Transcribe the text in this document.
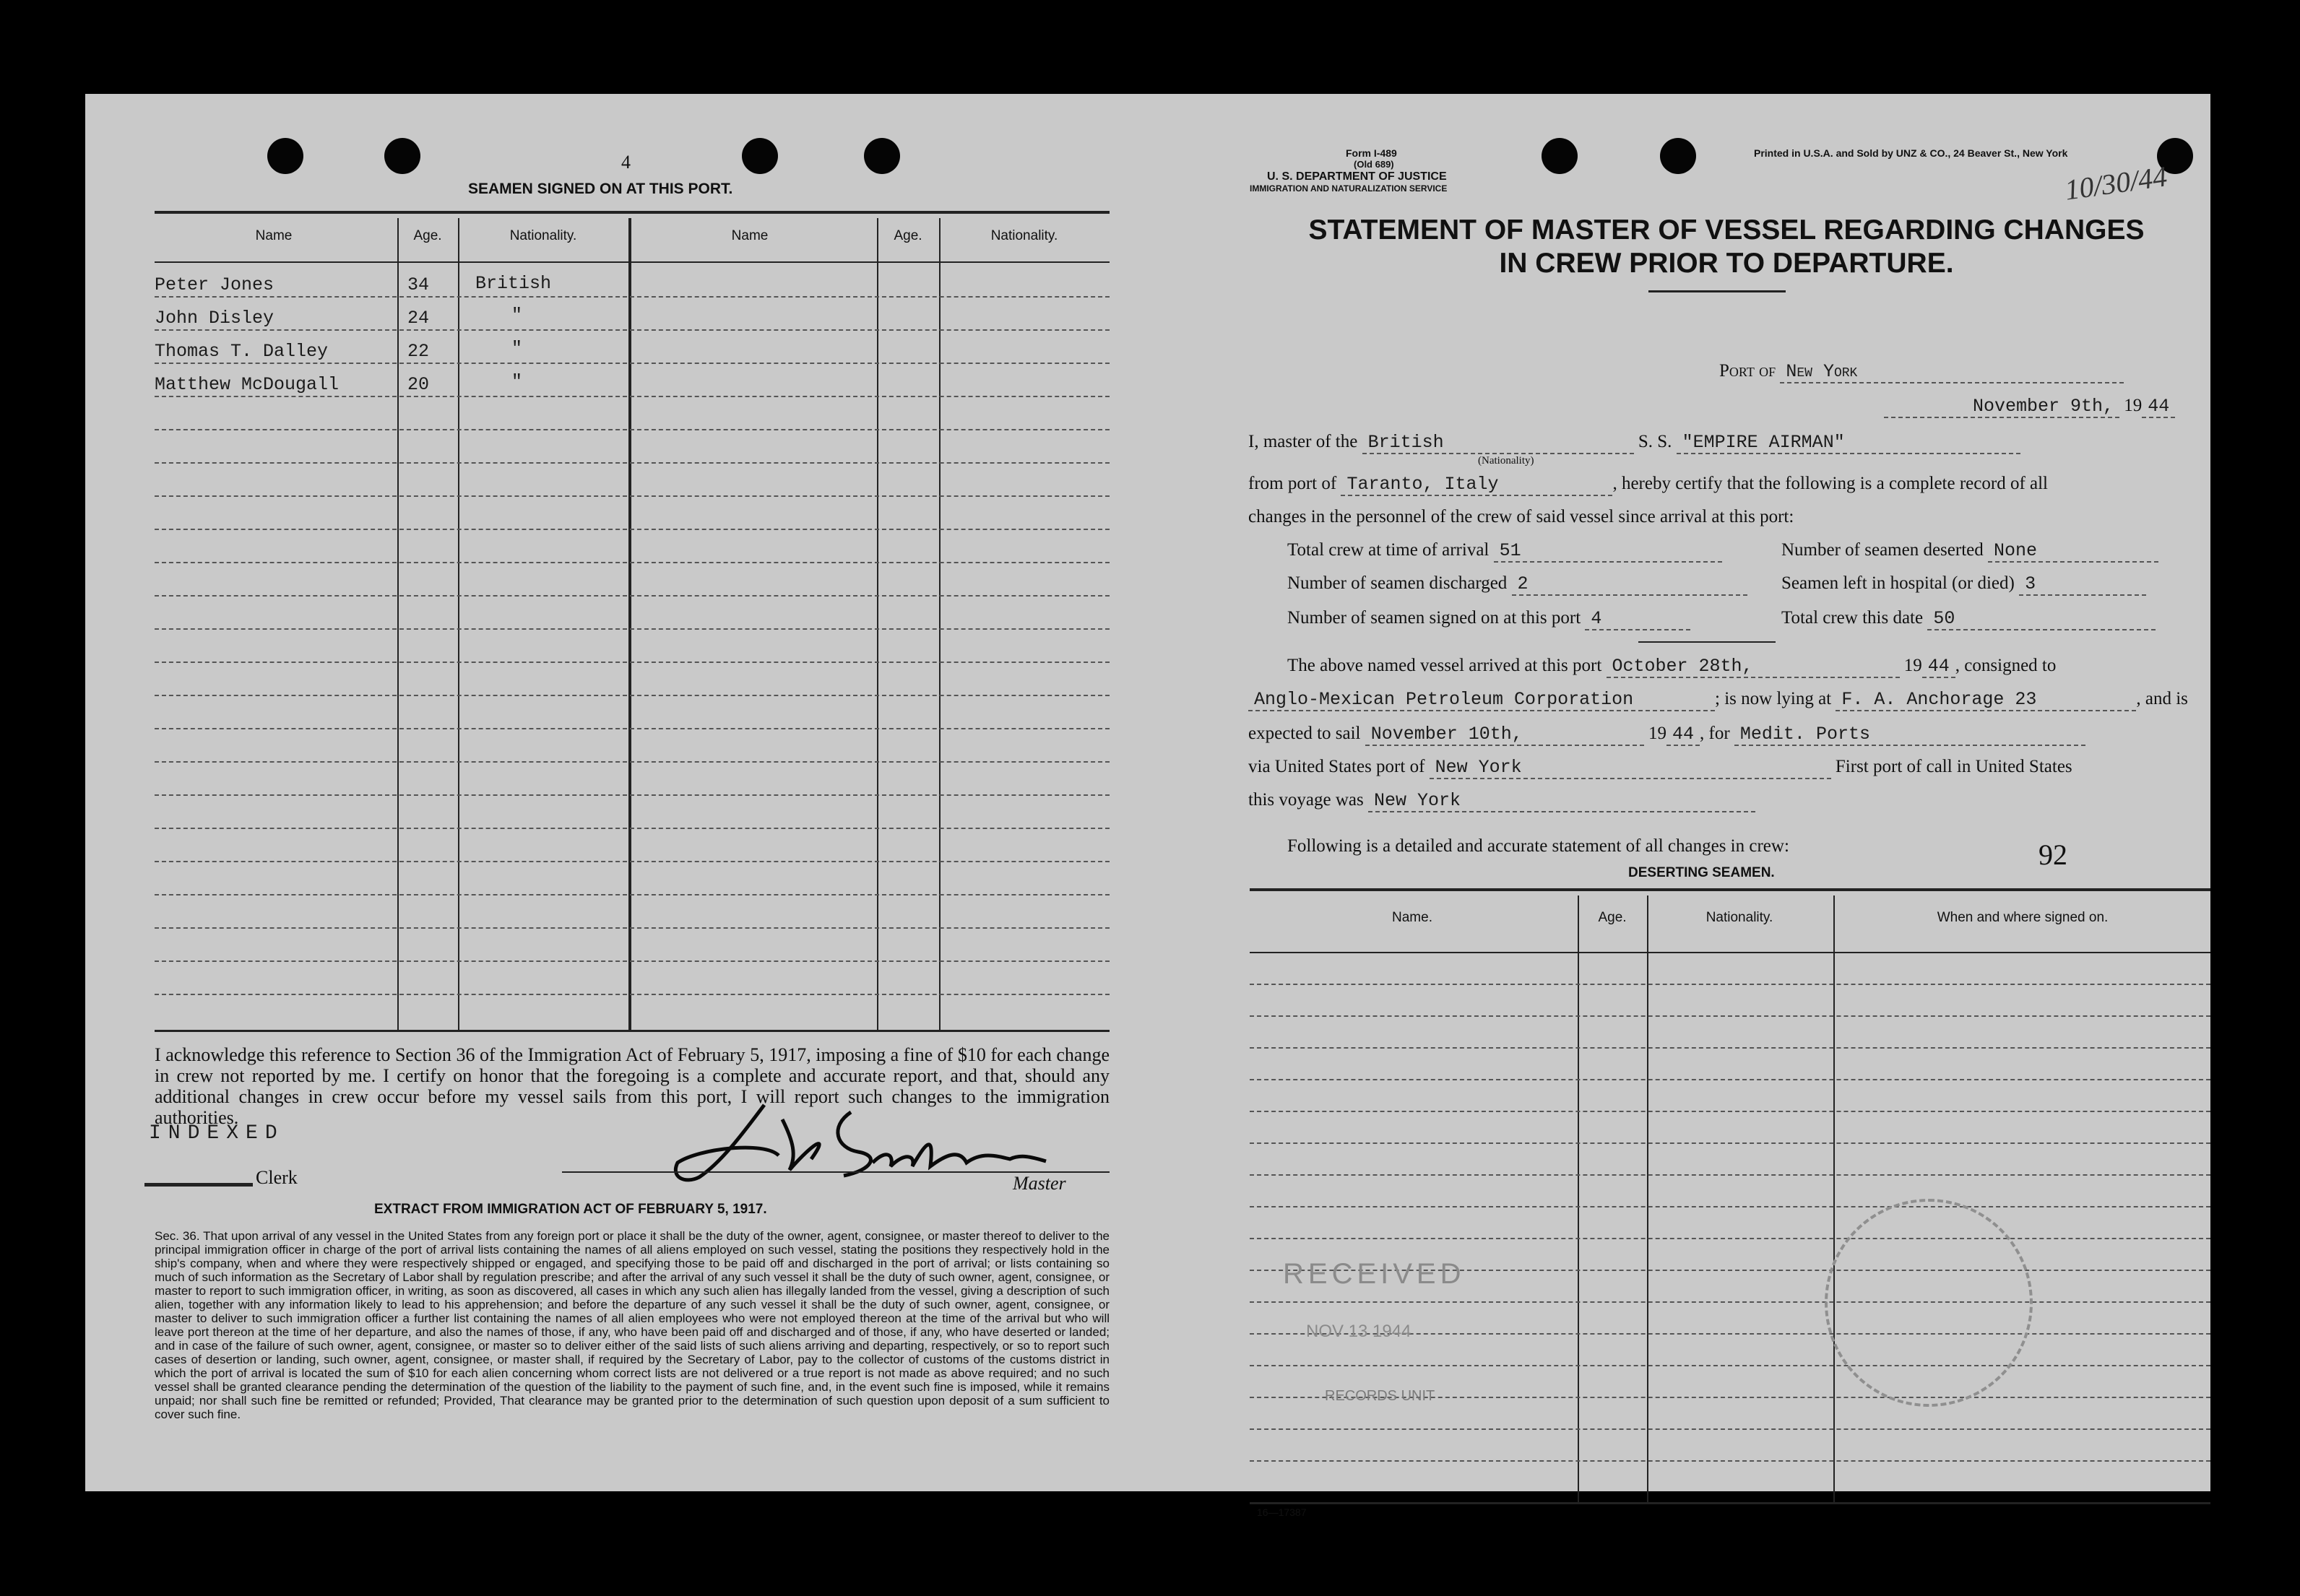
4
SEAMEN SIGNED ON AT THIS PORT.
Name	Age.	Nationality.	Name	Age.	Nationality.
Peter Jones	34	British
John Disley	24	"
Thomas T. Dalley	22	"
Matthew McDougall	20	"
I acknowledge this reference to Section 36 of the Immigration Act of February 5, 1917, imposing a fine of $10 for each change in crew not reported by me. I certify on honor that the foregoing is a complete and accurate report, and that, should any additional changes in crew occur before my vessel sails from this port, I will report such changes to the immigration authorities.
INDEXED
Clerk	Master
EXTRACT FROM IMMIGRATION ACT OF FEBRUARY 5, 1917.
Sec. 36. That upon arrival of any vessel in the United States from any foreign port or place it shall be the duty of the owner, agent, consignee, or master thereof to deliver to the principal immigration officer in charge of the port of arrival lists containing the names of all aliens employed on such vessel, stating the positions they respectively hold in the ship's company, when and where they were respectively shipped or engaged, and specifying those to be paid off and discharged in the port of arrival; or lists containing so much of such information as the Secretary of Labor shall by regulation prescribe; and after the arrival of any such vessel it shall be the duty of such owner, agent, consignee, or master to report to such immigration officer, in writing, as soon as discovered, all cases in which any such alien has illegally landed from the vessel, giving a description of such alien, together with any information likely to lead to his apprehension; and before the departure of any such vessel it shall be the duty of such owner, agent, consignee, or master to deliver to such immigration officer a further list containing the names of all alien employees who were not employed thereon at the time of the arrival but who will leave port thereon at the time of her departure, and also the names of those, if any, who have been paid off and discharged and of those, if any, who have deserted or landed; and in case of the failure of such owner, agent, consignee, or master so to deliver either of the said lists of such aliens arriving and departing, respectively, or so to report such cases of desertion or landing, such owner, agent, consignee, or master shall, if required by the Secretary of Labor, pay to the collector of customs of the customs district in which the port of arrival is located the sum of $10 for each alien concerning whom correct lists are not delivered or a true report is not made as above required; and no such vessel shall be granted clearance pending the determination of the question of the liability to the payment of such fine, and, in the event such fine is imposed, while it remains unpaid; nor shall such fine be remitted or refunded; Provided, That clearance may be granted prior to the determination of such question upon deposit of a sum sufficient to cover such fine.
Form I-489
(Old 689)
U. S. DEPARTMENT OF JUSTICE
IMMIGRATION AND NATURALIZATION SERVICE
Printed in U.S.A. and Sold by UNZ & CO., 24 Beaver St., New York
10/30/44
STATEMENT OF MASTER OF VESSEL REGARDING CHANGES
IN CREW PRIOR TO DEPARTURE.
Port of New York
November 9th, 19 44
I, master of the British	S. S. "EMPIRE AIRMAN"
(Nationality)
from port of Taranto, Italy	, hereby certify that the following is a complete record of all
changes in the personnel of the crew of said vessel since arrival at this port:
Total crew at time of arrival 51
Number of seamen discharged 2
Number of seamen signed on at this port 4
Number of seamen deserted None
Seamen left in hospital (or died) 3
Total crew this date 50
The above named vessel arrived at this port October 28th,	19 44 , consigned to
Anglo-Mexican Petroleum Corporation	; is now lying at F. A. Anchorage 23	, and is
expected to sail November 10th,	19 44 , for Medit. Ports
via United States port of New York	First port of call in United States
this voyage was New York
Following is a detailed and accurate statement of all changes in crew:	92
DESERTING SEAMEN.
Name.	Age.	Nationality.	When and where signed on.
RECEIVED
NOV 13 1944
RECORDS UNIT
16—17387
